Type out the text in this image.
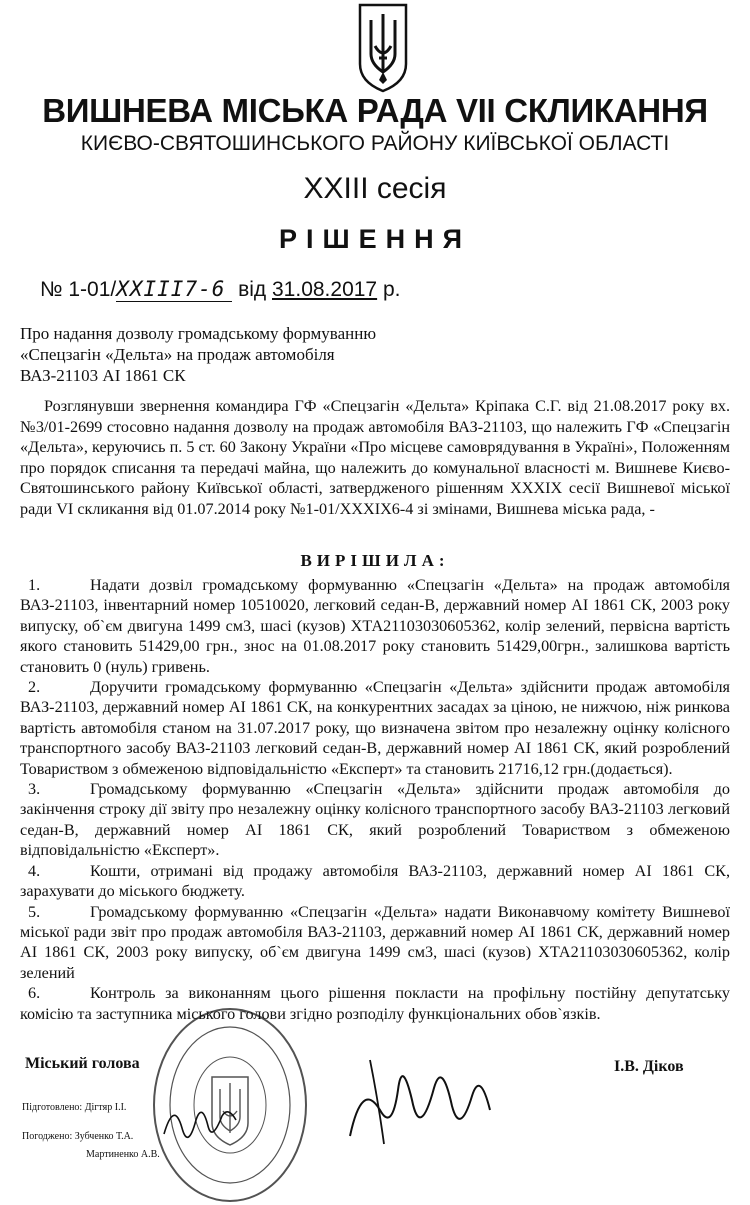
ВИШНЕВА МІСЬКА РАДА VII СКЛИКАННЯ
КИЄВО-СВЯТОШИНСЬКОГО РАЙОНУ КИЇВСЬКОЇ ОБЛАСТІ
XXIII сесія
РІШЕННЯ
№ 1-01/XXIII7-6 від 31.08.2017 р.
Про надання дозволу громадському формуванню «Спецзагін «Дельта» на продаж автомобіля ВАЗ-21103 АІ 1861 СК
Розглянувши звернення командира ГФ «Спецзагін «Дельта» Кріпака С.Г. від 21.08.2017 року вх.№3/01-2699 стосовно надання дозволу на продаж автомобіля ВАЗ-21103, що належить ГФ «Спецзагін «Дельта», керуючись п. 5 ст. 60 Закону України «Про місцеве самоврядування в Україні», Положенням про порядок списання та передачі майна, що належить до комунальної власності м. Вишневе Києво-Святошинського району Київської області, затвердженого рішенням XXXIX сесії Вишневої міської ради VI скликання від 01.07.2014 року №1-01/XXXIX6-4 зі змінами, Вишнева міська рада, -
ВИРІШИЛА:

1.	Надати дозвіл громадському формуванню «Спецзагін «Дельта» на продаж автомобіля ВАЗ-21103, інвентарний номер 10510020, легковий седан-В, державний номер АІ 1861 СК, 2003 року випуску, об`єм двигуна 1499 см3, шасі (кузов) ХТА21103030605362, колір зелений, первісна вартість якого становить 51429,00 грн., знос на 01.08.2017 року становить 51429,00грн., залишкова вартість становить 0 (нуль) гривень.

2.	Доручити громадському формуванню «Спецзагін «Дельта» здійснити продаж автомобіля ВАЗ-21103, державний номер АІ 1861 СК, на конкурентних засадах за ціною, не нижчою, ніж ринкова вартість автомобіля станом на 31.07.2017 року, що визначена звітом про незалежну оцінку колісного транспортного засобу ВАЗ-21103 легковий седан-В, державний номер АІ 1861 СК, який розроблений Товариством з обмеженою відповідальністю «Експерт» та становить 21716,12 грн.(додається).

3.	Громадському формуванню «Спецзагін «Дельта» здійснити продаж автомобіля до закінчення строку дії звіту про незалежну оцінку колісного транспортного засобу ВАЗ-21103 легковий седан-В, державний номер АІ 1861 СК, який розроблений Товариством з обмеженою відповідальністю «Експерт».

4.	Кошти, отримані від продажу автомобіля ВАЗ-21103, державний номер АІ 1861 СК, зарахувати до міського бюджету.

5.	Громадському формуванню «Спецзагін «Дельта» надати Виконавчому комітету Вишневої міської ради звіт про продаж автомобіля ВАЗ-21103, державний номер АІ 1861 СК, державний номер АІ 1861 СК, 2003 року випуску, об`єм двигуна 1499 см3, шасі (кузов) ХТА21103030605362, колір зелений

6.	Контроль за виконанням цього рішення покласти на профільну постійну депутатську комісію та заступника міського голови згідно розподілу функціональних обов`язків.

Міський голова	І.В. Діков
Підготовлено: Дігтяр І.І.
Погоджено: Зубченко Т.А.
Мартиненко А.В.
